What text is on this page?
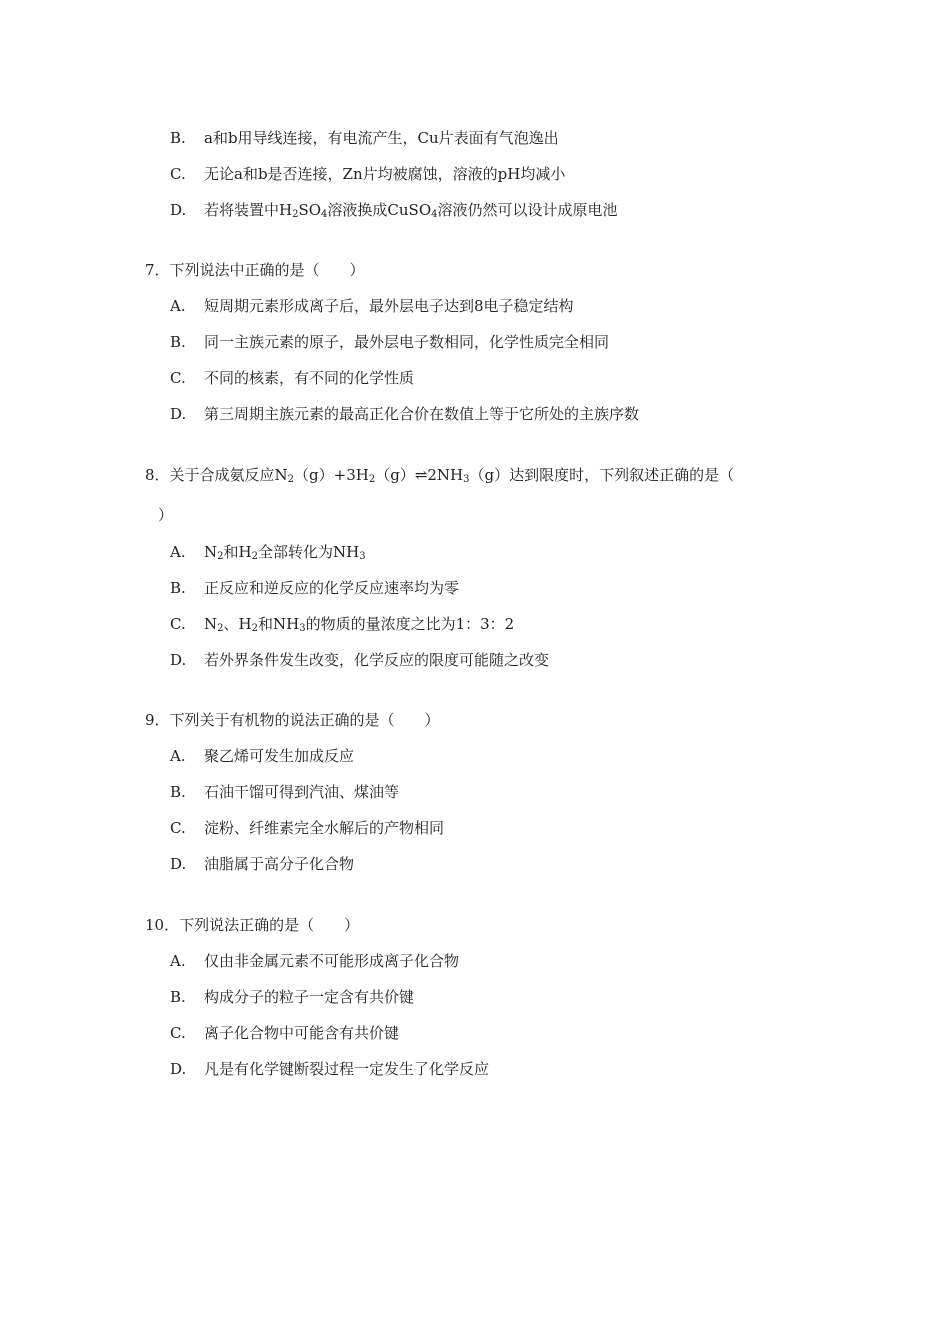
B. a和b用导线连接，有电流产生，Cu片表面有气泡逸出

C. 无论a和b是否连接，Zn片均被腐蚀，溶液的pH均减小

D. 若将装置中$H_2SO_4$溶液换成CuSO$_4$溶液仍然可以设计成原电池

7．下列说法中正确的是（　　）

A. 短周期元素形成离子后，最外层电子达到8电子稳定结构

B. 同一主族元素的原子，最外层电子数相同，化学性质完全相同

C. 不同的核素，有不同的化学性质

D. 第三周期主族元素的最高正化合价在数值上等于它所处的主族序数

8．关于合成氨反应$N_2(g)+3H_2(g)\rightleftharpoons 2NH_3(g)$达到限度时，下列叙述正确的是（

）

A. $N_2$和$H_2$全部转化为$NH_3$

B. 正反应和逆反应的化学反应速率均为零

C. $N_2$、$H_2$和$NH_3$的物质的量浓度之比为1：3：2

D. 若外界条件发生改变，化学反应的限度可能随之改变

9．下列关于有机物的说法正确的是（　　）

A. 聚乙烯可发生加成反应

B. 石油干馏可得到汽油、煤油等

C. 淀粉、纤维素完全水解后的产物相同

D. 油脂属于高分子化合物

10．下列说法正确的是（　　）

A. 仅由非金属元素不可能形成离子化合物

B. 构成分子的粒子一定含有共价键

C. 离子化合物中可能含有共价键

D. 凡是有化学键断裂过程一定发生了化学反应
